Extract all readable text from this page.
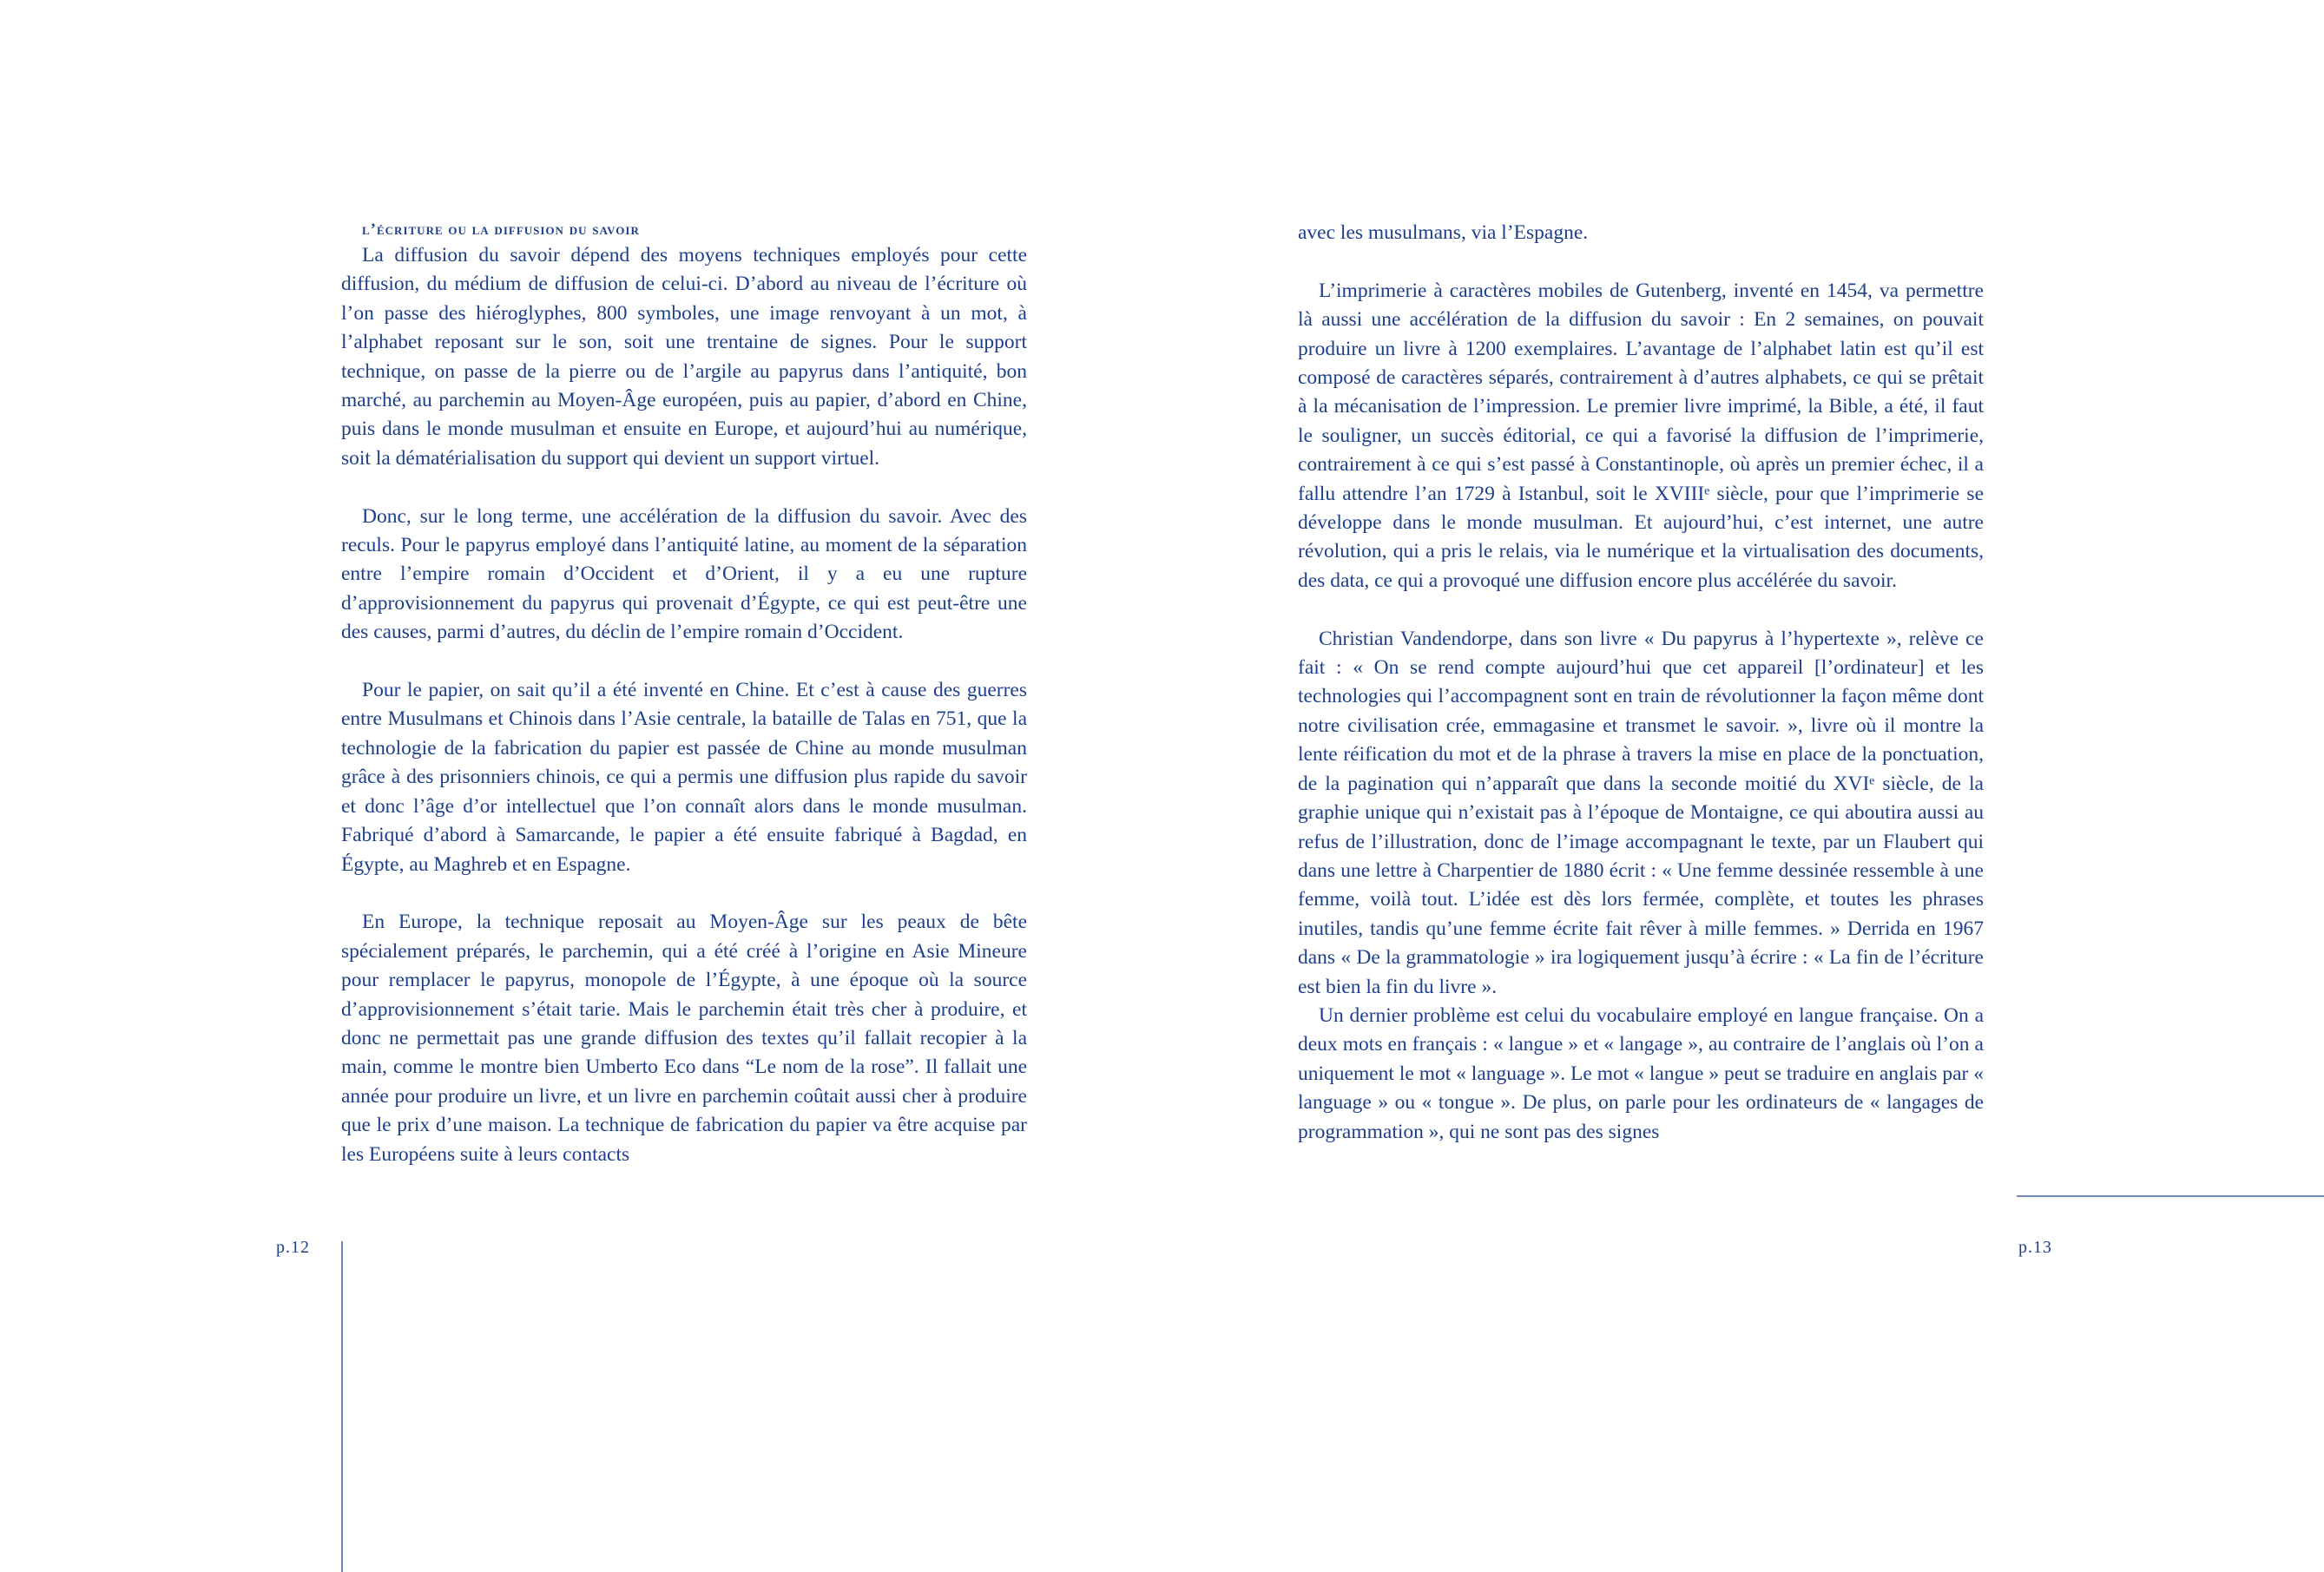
l’écriture ou la diffusion du savoir

La diffusion du savoir dépend des moyens techniques employés pour cette diffusion, du médium de diffusion de celui-ci. D’abord au niveau de l’écriture où l’on passe des hiéroglyphes, 800 symboles, une image renvoyant à un mot, à l’alphabet reposant sur le son, soit une trentaine de signes. Pour le support technique, on passe de la pierre ou de l’argile au papyrus dans l’antiquité, bon marché, au parchemin au Moyen-Âge européen, puis au papier, d’abord en Chine, puis dans le monde musulman et ensuite en Europe, et aujourd’hui au numérique, soit la dématérialisation du support qui devient un support virtuel.

Donc, sur le long terme, une accélération de la diffusion du savoir. Avec des reculs. Pour le papyrus employé dans l’antiquité latine, au moment de la séparation entre l’empire romain d’Occident et d’Orient, il y a eu une rupture d’approvisionnement du papyrus qui provenait d’Égypte, ce qui est peut-être une des causes, parmi d’autres, du déclin de l’empire romain d’Occident.

Pour le papier, on sait qu’il a été inventé en Chine. Et c’est à cause des guerres entre Musulmans et Chinois dans l’Asie centrale, la bataille de Talas en 751, que la technologie de la fabrication du papier est passée de Chine au monde musulman grâce à des prisonniers chinois, ce qui a permis une diffusion plus rapide du savoir et donc l’âge d’or intellectuel que l’on connaît alors dans le monde musulman. Fabriqué d’abord à Samarcande, le papier a été ensuite fabriqué à Bagdad, en Égypte, au Maghreb et en Espagne.

En Europe, la technique reposait au Moyen-Âge sur les peaux de bête spécialement préparés, le parchemin, qui a été créé à l’origine en Asie Mineure pour remplacer le papyrus, monopole de l’Égypte, à une époque où la source d’approvisionnement s’était tarie. Mais le parchemin était très cher à produire, et donc ne permettait pas une grande diffusion des textes qu’il fallait recopier à la main, comme le montre bien Umberto Eco dans “Le nom de la rose”. Il fallait une année pour produire un livre, et un livre en parchemin coûtait aussi cher à produire que le prix d’une maison. La technique de fabrication du papier va être acquise par les Européens suite à leurs contacts

avec les musulmans, via l’Espagne.

L’imprimerie à caractères mobiles de Gutenberg, inventé en 1454, va permettre là aussi une accélération de la diffusion du savoir : En 2 semaines, on pouvait produire un livre à 1200 exemplaires. L’avantage de l’alphabet latin est qu’il est composé de caractères séparés, contrairement à d’autres alphabets, ce qui se prêtait à la mécanisation de l’impression. Le premier livre imprimé, la Bible, a été, il faut le souligner, un succès éditorial, ce qui a favorisé la diffusion de l’imprimerie, contrairement à ce qui s’est passé à Constantinople, où après un premier échec, il a fallu attendre l’an 1729 à Istanbul, soit le XVIIIᵉ siècle, pour que l’imprimerie se développe dans le monde musulman. Et aujourd’hui, c’est internet, une autre révolution, qui a pris le relais, via le numérique et la virtualisation des documents, des data, ce qui a provoqué une diffusion encore plus accélérée du savoir.

Christian Vandendorpe, dans son livre « Du papyrus à l’hypertexte », relève ce fait : « On se rend compte aujourd’hui que cet appareil [l’ordinateur] et les technologies qui l’accompagnent sont en train de révolutionner la façon même dont notre civilisation crée, emmagasine et transmet le savoir. », livre où il montre la lente réification du mot et de la phrase à travers la mise en place de la ponctuation, de la pagination qui n’apparaît que dans la seconde moitié du XVIᵉ siècle, de la graphie unique qui n’existait pas à l’époque de Montaigne, ce qui aboutira aussi au refus de l’illustration, donc de l’image accompagnant le texte, par un Flaubert qui dans une lettre à Charpentier de 1880 écrit : « Une femme dessinée ressemble à une femme, voilà tout. L’idée est dès lors fermée, complète, et toutes les phrases inutiles, tandis qu’une femme écrite fait rêver à mille femmes. » Derrida en 1967 dans « De la grammatologie » ira logiquement jusqu’à écrire : « La fin de l’écriture est bien la fin du livre ».

Un dernier problème est celui du vocabulaire employé en langue française. On a deux mots en français : « langue » et « langage », au contraire de l’anglais où l’on a uniquement le mot « language ». Le mot « langue » peut se traduire en anglais par « language » ou « tongue ». De plus, on parle pour les ordinateurs de « langages de programmation », qui ne sont pas des signes

p.12	p.13
